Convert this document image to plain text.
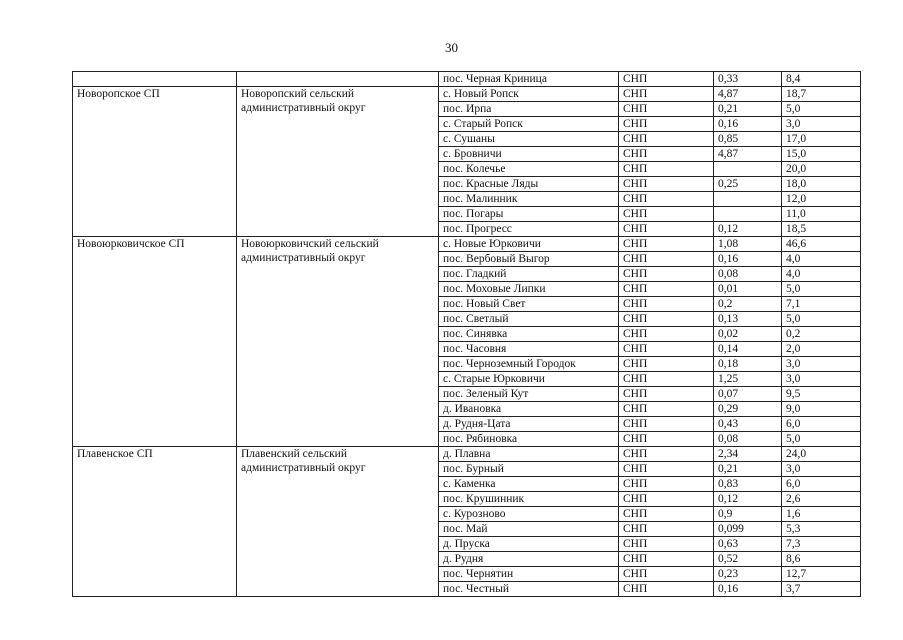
30
		пос. Черная Криница	СНП	0,33	8,4
Новоропское СП	Новоропский сельский административный округ	с. Новый Ропск	СНП	4,87	18,7
		пос. Ирпа	СНП	0,21	5,0
		с. Старый Ропск	СНП	0,16	3,0
		с. Сушаны	СНП	0,85	17,0
		с. Бровничи	СНП	4,87	15,0
		пос. Колечье	СНП		20,0
		пос. Красные Ляды	СНП	0,25	18,0
		пос. Малинник	СНП		12,0
		пос. Погары	СНП		11,0
		пос. Прогресс	СНП	0,12	18,5
Новоюрковичское СП	Новоюрковичский сельский административный округ	с. Новые Юрковичи	СНП	1,08	46,6
		пос. Вербовый Выгор	СНП	0,16	4,0
		пос. Гладкий	СНП	0,08	4,0
		пос. Моховые Липки	СНП	0,01	5,0
		пос. Новый Свет	СНП	0,2	7,1
		пос. Светлый	СНП	0,13	5,0
		пос. Синявка	СНП	0,02	0,2
		пос. Часовня	СНП	0,14	2,0
		пос. Черноземный Городок	СНП	0,18	3,0
		с. Старые Юрковичи	СНП	1,25	3,0
		пос. Зеленый Кут	СНП	0,07	9,5
		д. Ивановка	СНП	0,29	9,0
		д. Рудня-Цата	СНП	0,43	6,0
		пос. Рябиновка	СНП	0,08	5,0
Плавенское СП	Плавенский сельский административный округ	д. Плавна	СНП	2,34	24,0
		пос. Бурный	СНП	0,21	3,0
		с. Каменка	СНП	0,83	6,0
		пос. Крушинник	СНП	0,12	2,6
		с. Курозново	СНП	0,9	1,6
		пос. Май	СНП	0,099	5,3
		д. Пруска	СНП	0,63	7,3
		д. Рудня	СНП	0,52	8,6
		пос. Чернятин	СНП	0,23	12,7
		пос. Честный	СНП	0,16	3,7
